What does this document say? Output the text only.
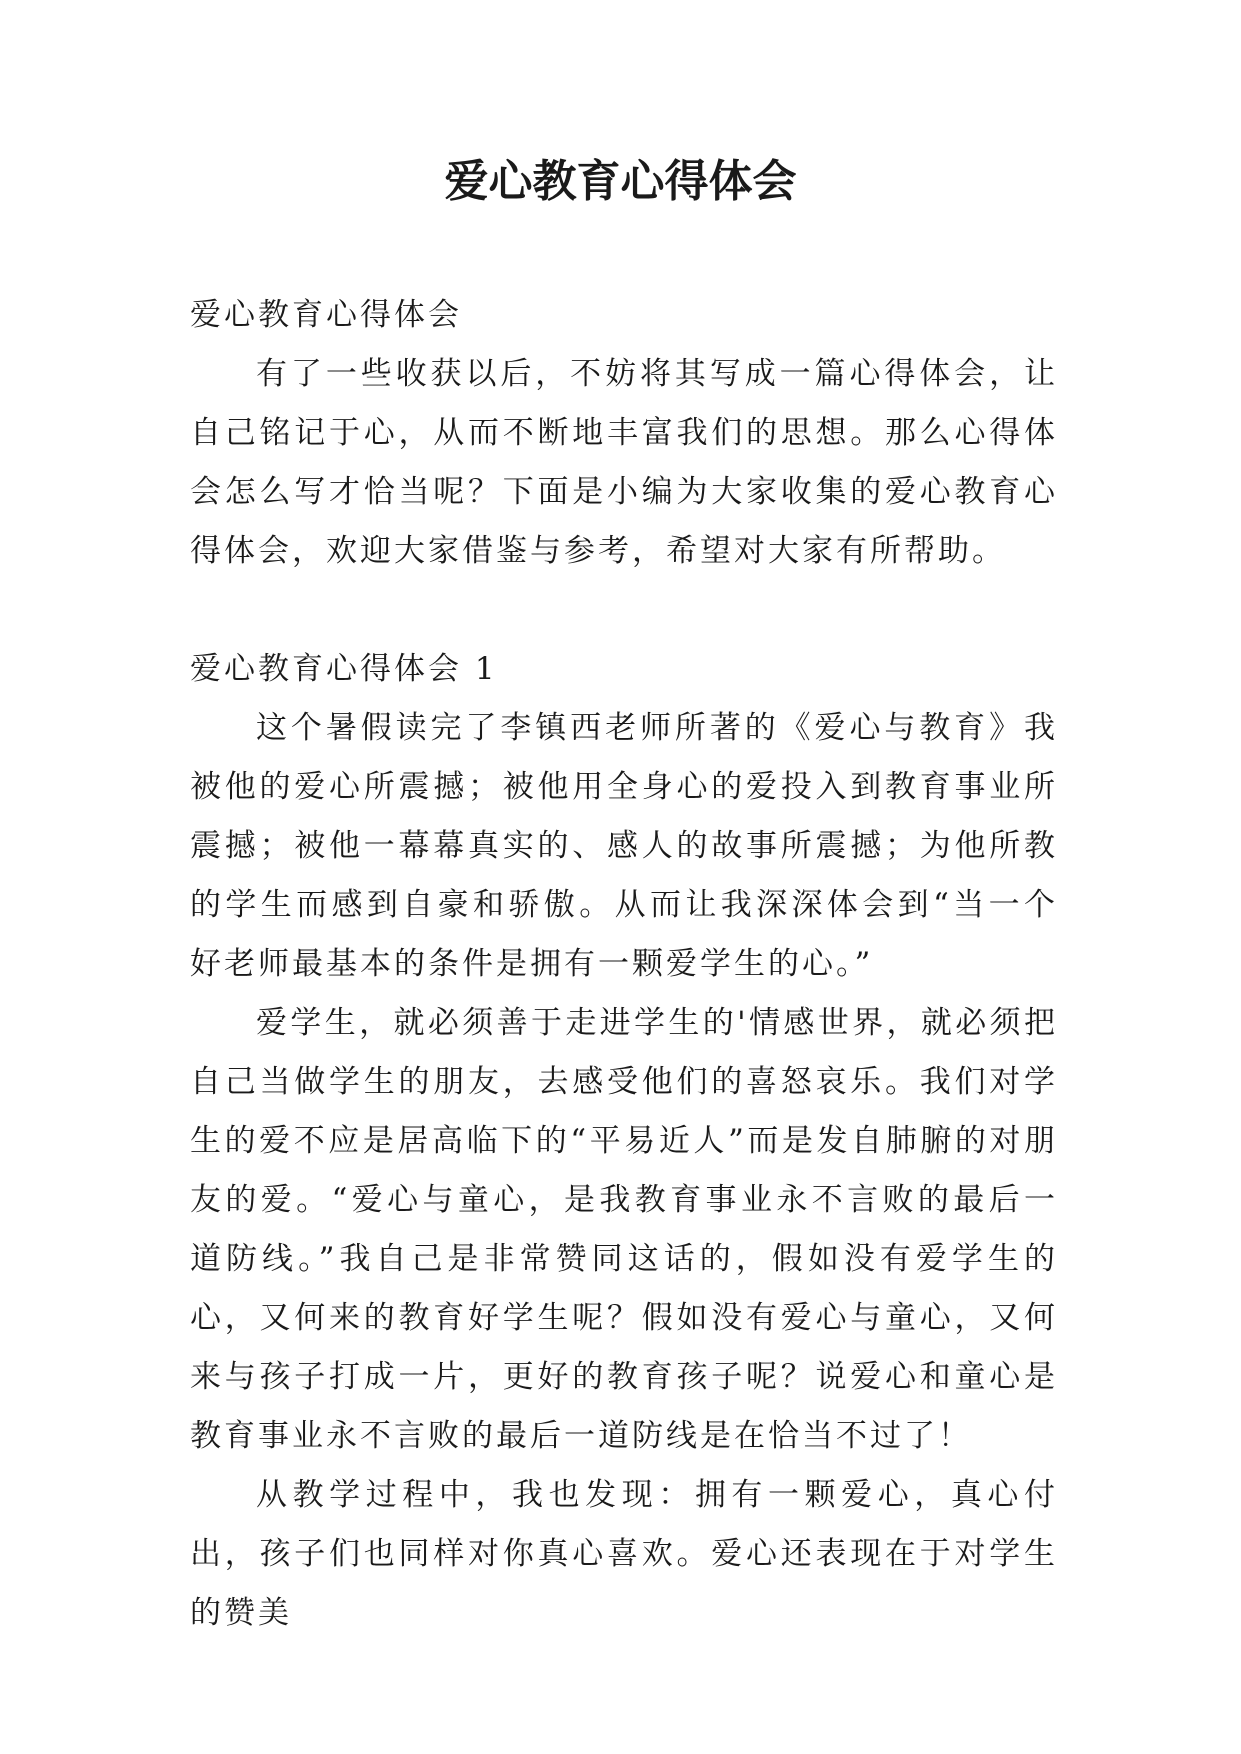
爱心教育心得体会

爱心教育心得体会

有了一些收获以后，不妨将其写成一篇心得体会，让自己铭记于心，从而不断地丰富我们的思想。那么心得体会怎么写才恰当呢？下面是小编为大家收集的爱心教育心得体会，欢迎大家借鉴与参考，希望对大家有所帮助。

爱心教育心得体会 1

这个暑假读完了李镇西老师所著的《爱心与教育》我被他的爱心所震撼；被他用全身心的爱投入到教育事业所震撼；被他一幕幕真实的、感人的故事所震撼；为他所教的学生而感到自豪和骄傲。从而让我深深体会到“当一个好老师最基本的条件是拥有一颗爱学生的心。”

爱学生，就必须善于走进学生的'情感世界，就必须把自己当做学生的朋友，去感受他们的喜怒哀乐。我们对学生的爱不应是居高临下的“平易近人”而是发自肺腑的对朋友的爱。“爱心与童心，是我教育事业永不言败的最后一道防线。”我自己是非常赞同这话的，假如没有爱学生的心，又何来的教育好学生呢？假如没有爱心与童心，又何来与孩子打成一片，更好的教育孩子呢？说爱心和童心是教育事业永不言败的最后一道防线是在恰当不过了！

从教学过程中，我也发现：拥有一颗爱心，真心付出，孩子们也同样对你真心喜欢。爱心还表现在于对学生的赞美
